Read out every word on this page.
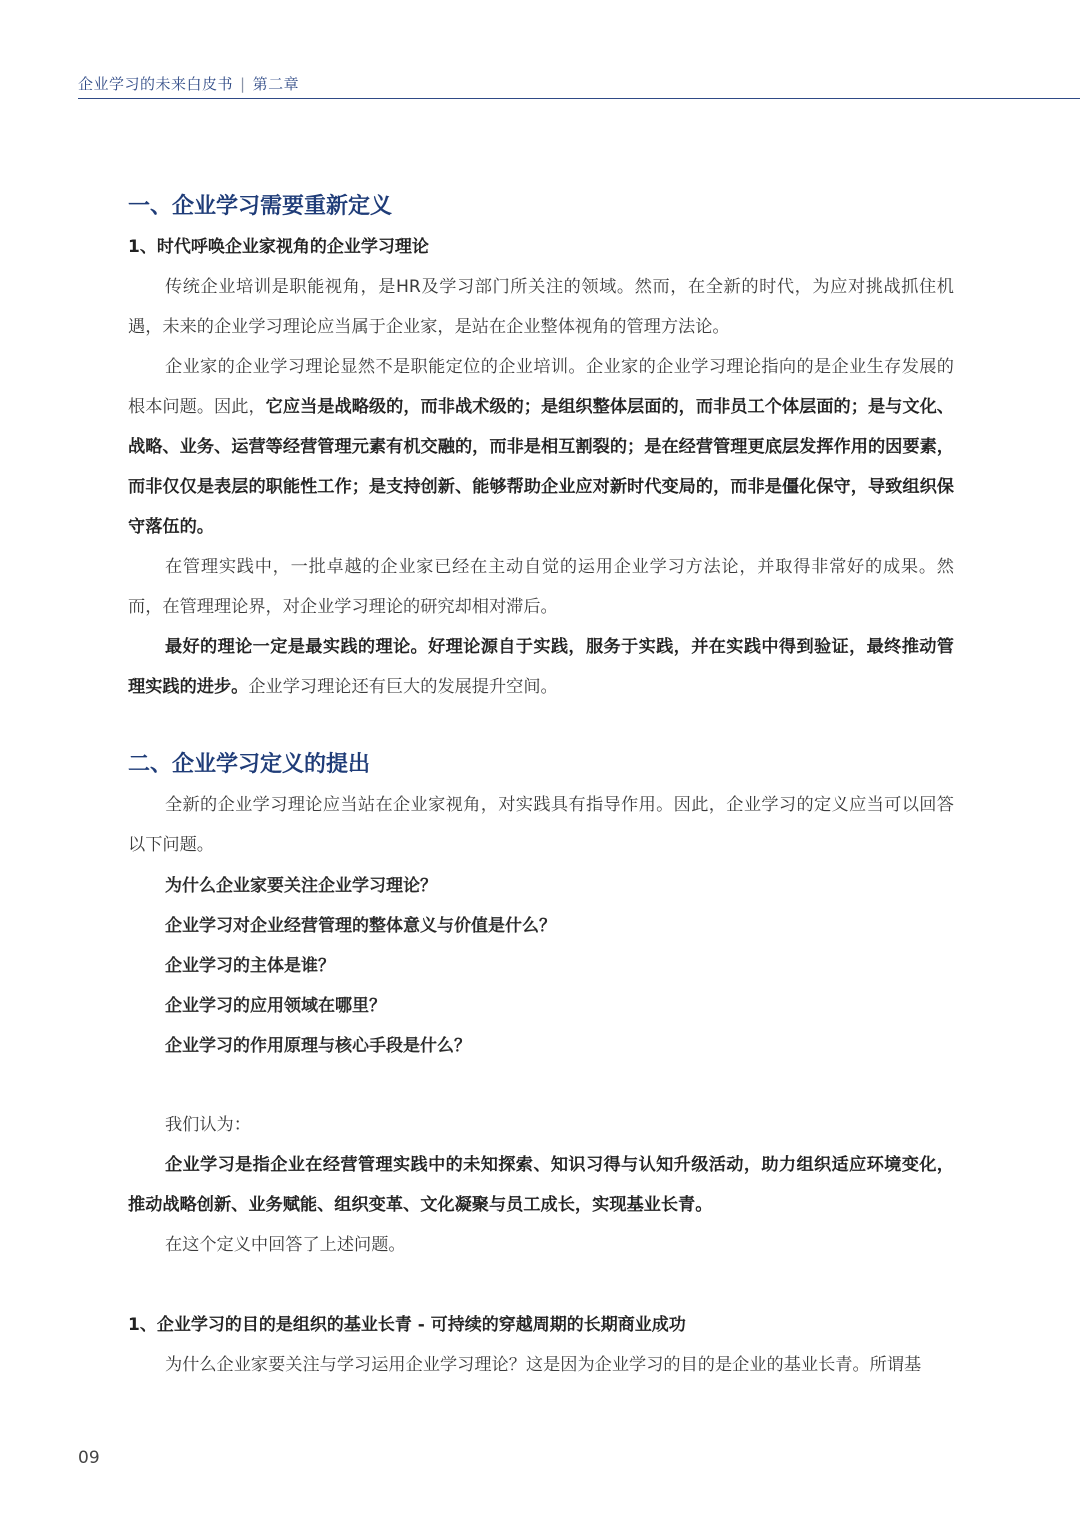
企业学习的未来白皮书 | 第二章
一、企业学习需要重新定义
1、时代呼唤企业家视角的企业学习理论
传统企业培训是职能视角，是HR及学习部门所关注的领域。然而，在全新的时代，为应对挑战抓住机遇，未来的企业学习理论应当属于企业家，是站在企业整体视角的管理方法论。
企业家的企业学习理论显然不是职能定位的企业培训。企业家的企业学习理论指向的是企业生存发展的根本问题。因此，它应当是战略级的，而非战术级的；是组织整体层面的，而非员工个体层面的；是与文化、战略、业务、运营等经营管理元素有机交融的，而非是相互割裂的；是在经营管理更底层发挥作用的因要素，而非仅仅是表层的职能性工作；是支持创新、能够帮助企业应对新时代变局的，而非是僵化保守，导致组织保守落伍的。
在管理实践中，一批卓越的企业家已经在主动自觉的运用企业学习方法论，并取得非常好的成果。然而，在管理理论界，对企业学习理论的研究却相对滞后。
最好的理论一定是最实践的理论。好理论源自于实践，服务于实践，并在实践中得到验证，最终推动管理实践的进步。企业学习理论还有巨大的发展提升空间。
二、企业学习定义的提出
全新的企业学习理论应当站在企业家视角，对实践具有指导作用。因此，企业学习的定义应当可以回答以下问题。
为什么企业家要关注企业学习理论？
企业学习对企业经营管理的整体意义与价值是什么？
企业学习的主体是谁？
企业学习的应用领域在哪里？
企业学习的作用原理与核心手段是什么？
我们认为：
企业学习是指企业在经营管理实践中的未知探索、知识习得与认知升级活动，助力组织适应环境变化，推动战略创新、业务赋能、组织变革、文化凝聚与员工成长，实现基业长青。
在这个定义中回答了上述问题。
1、企业学习的目的是组织的基业长青 - 可持续的穿越周期的长期商业成功
为什么企业家要关注与学习运用企业学习理论？这是因为企业学习的目的是企业的基业长青。所谓基
09
